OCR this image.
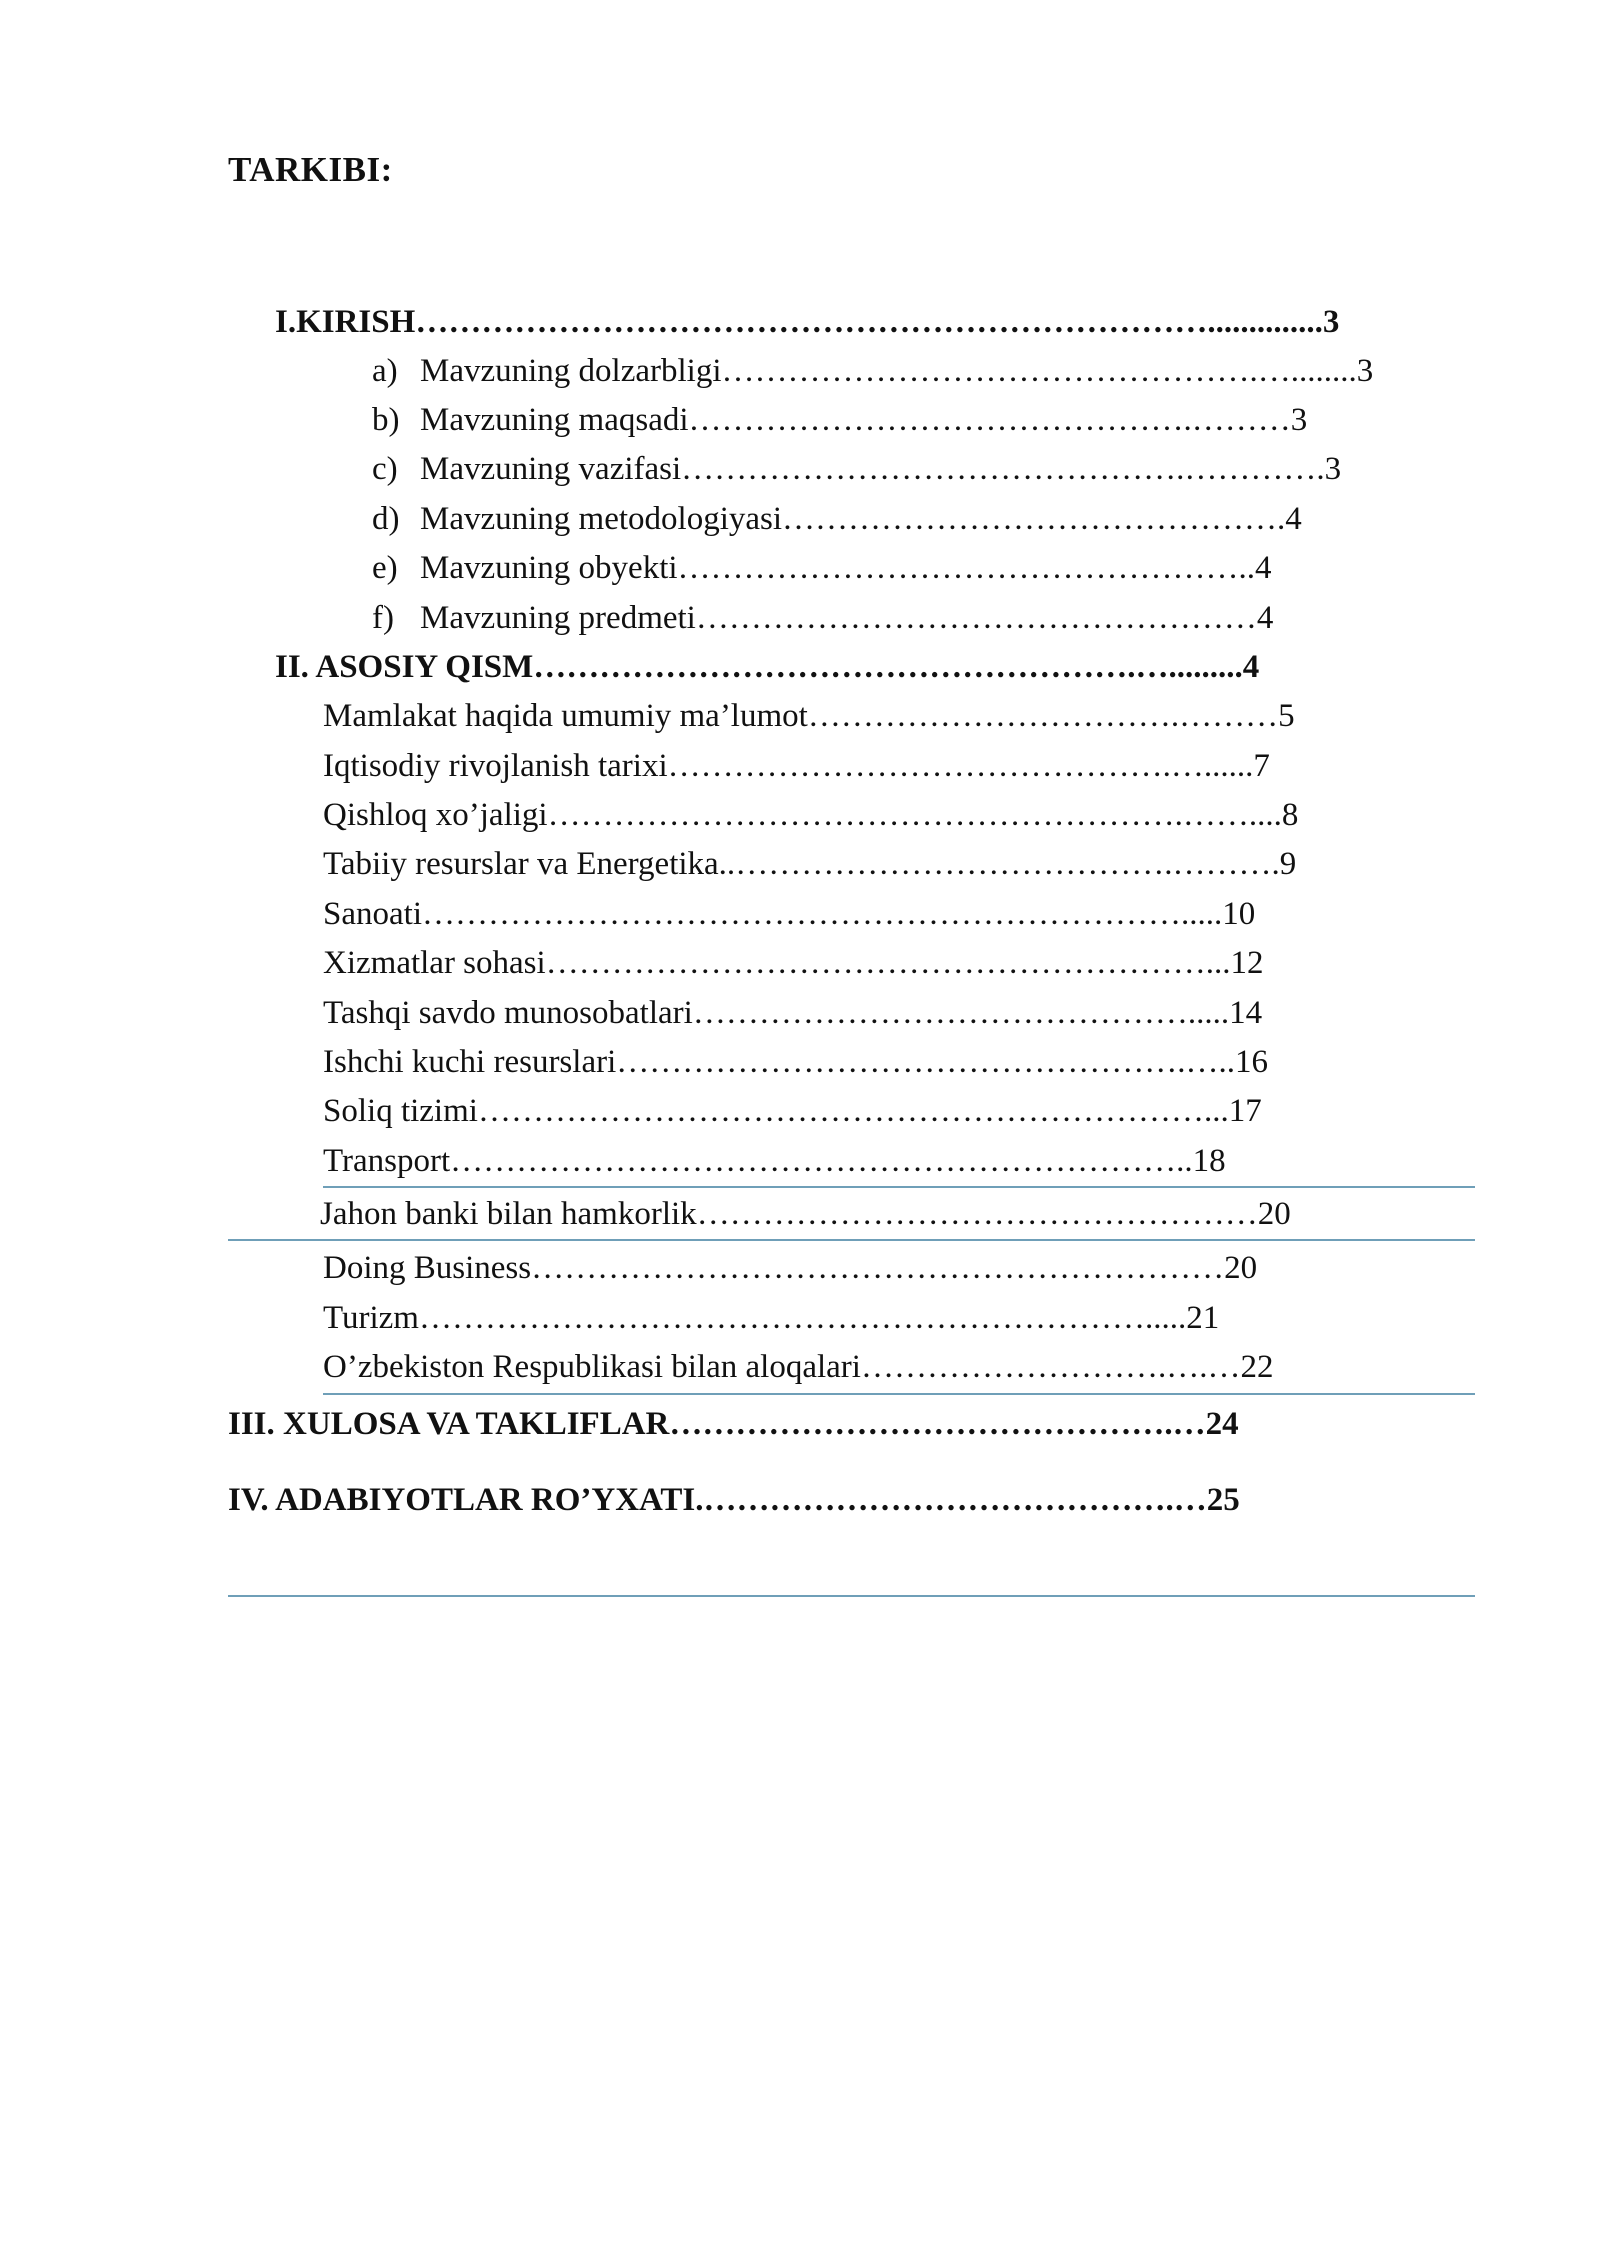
TARKIBI:
I.KIRISH………………………………………………………………..............3
a) Mavzuning dolzarbligi………………………………………….…........3
b) Mavzuning maqsadi……………………………………….………3
c) Mavzuning vazifasi……………………………………….………….3
d) Mavzuning metodologiyasi……………………………………….4
e) Mavzuning obyekti……………………………………………..4
f) Mavzuning predmeti……………………………………………4
II. ASOSIY QISM……………………………………………….….........4
Mamlakat haqida umumiy ma’lumot…………………………….………5
Iqtisodiy rivojlanish tarixi……………………………………….…......7
Qishloq xo’jaligi………………………………………………….……....8
Tabiiy resurslar va Energetika..………………………………….……….9
Sanoati…………………………………………………………….....10
Xizmatlar sohasi……………………………………………………...12
Tashqi savdo munosobatlari……………………………………….....14
Ishchi kuchi resurslari…………………………………………….…..16
Soliq tizimi…………………………………………………………...17
Transport…………………………………………………………..18
Jahon banki bilan hamkorlik……………………………………………20
Doing Business………………………………………………………20
Turizm………………………………………………………….....21
O’zbekiston Respublikasi bilan aloqalari……………………….….…22
III. XULOSA VA TAKLIFLAR……………………………………….…24
IV. ADABIYOTLAR RO’YXATI.…………………………………….…25
